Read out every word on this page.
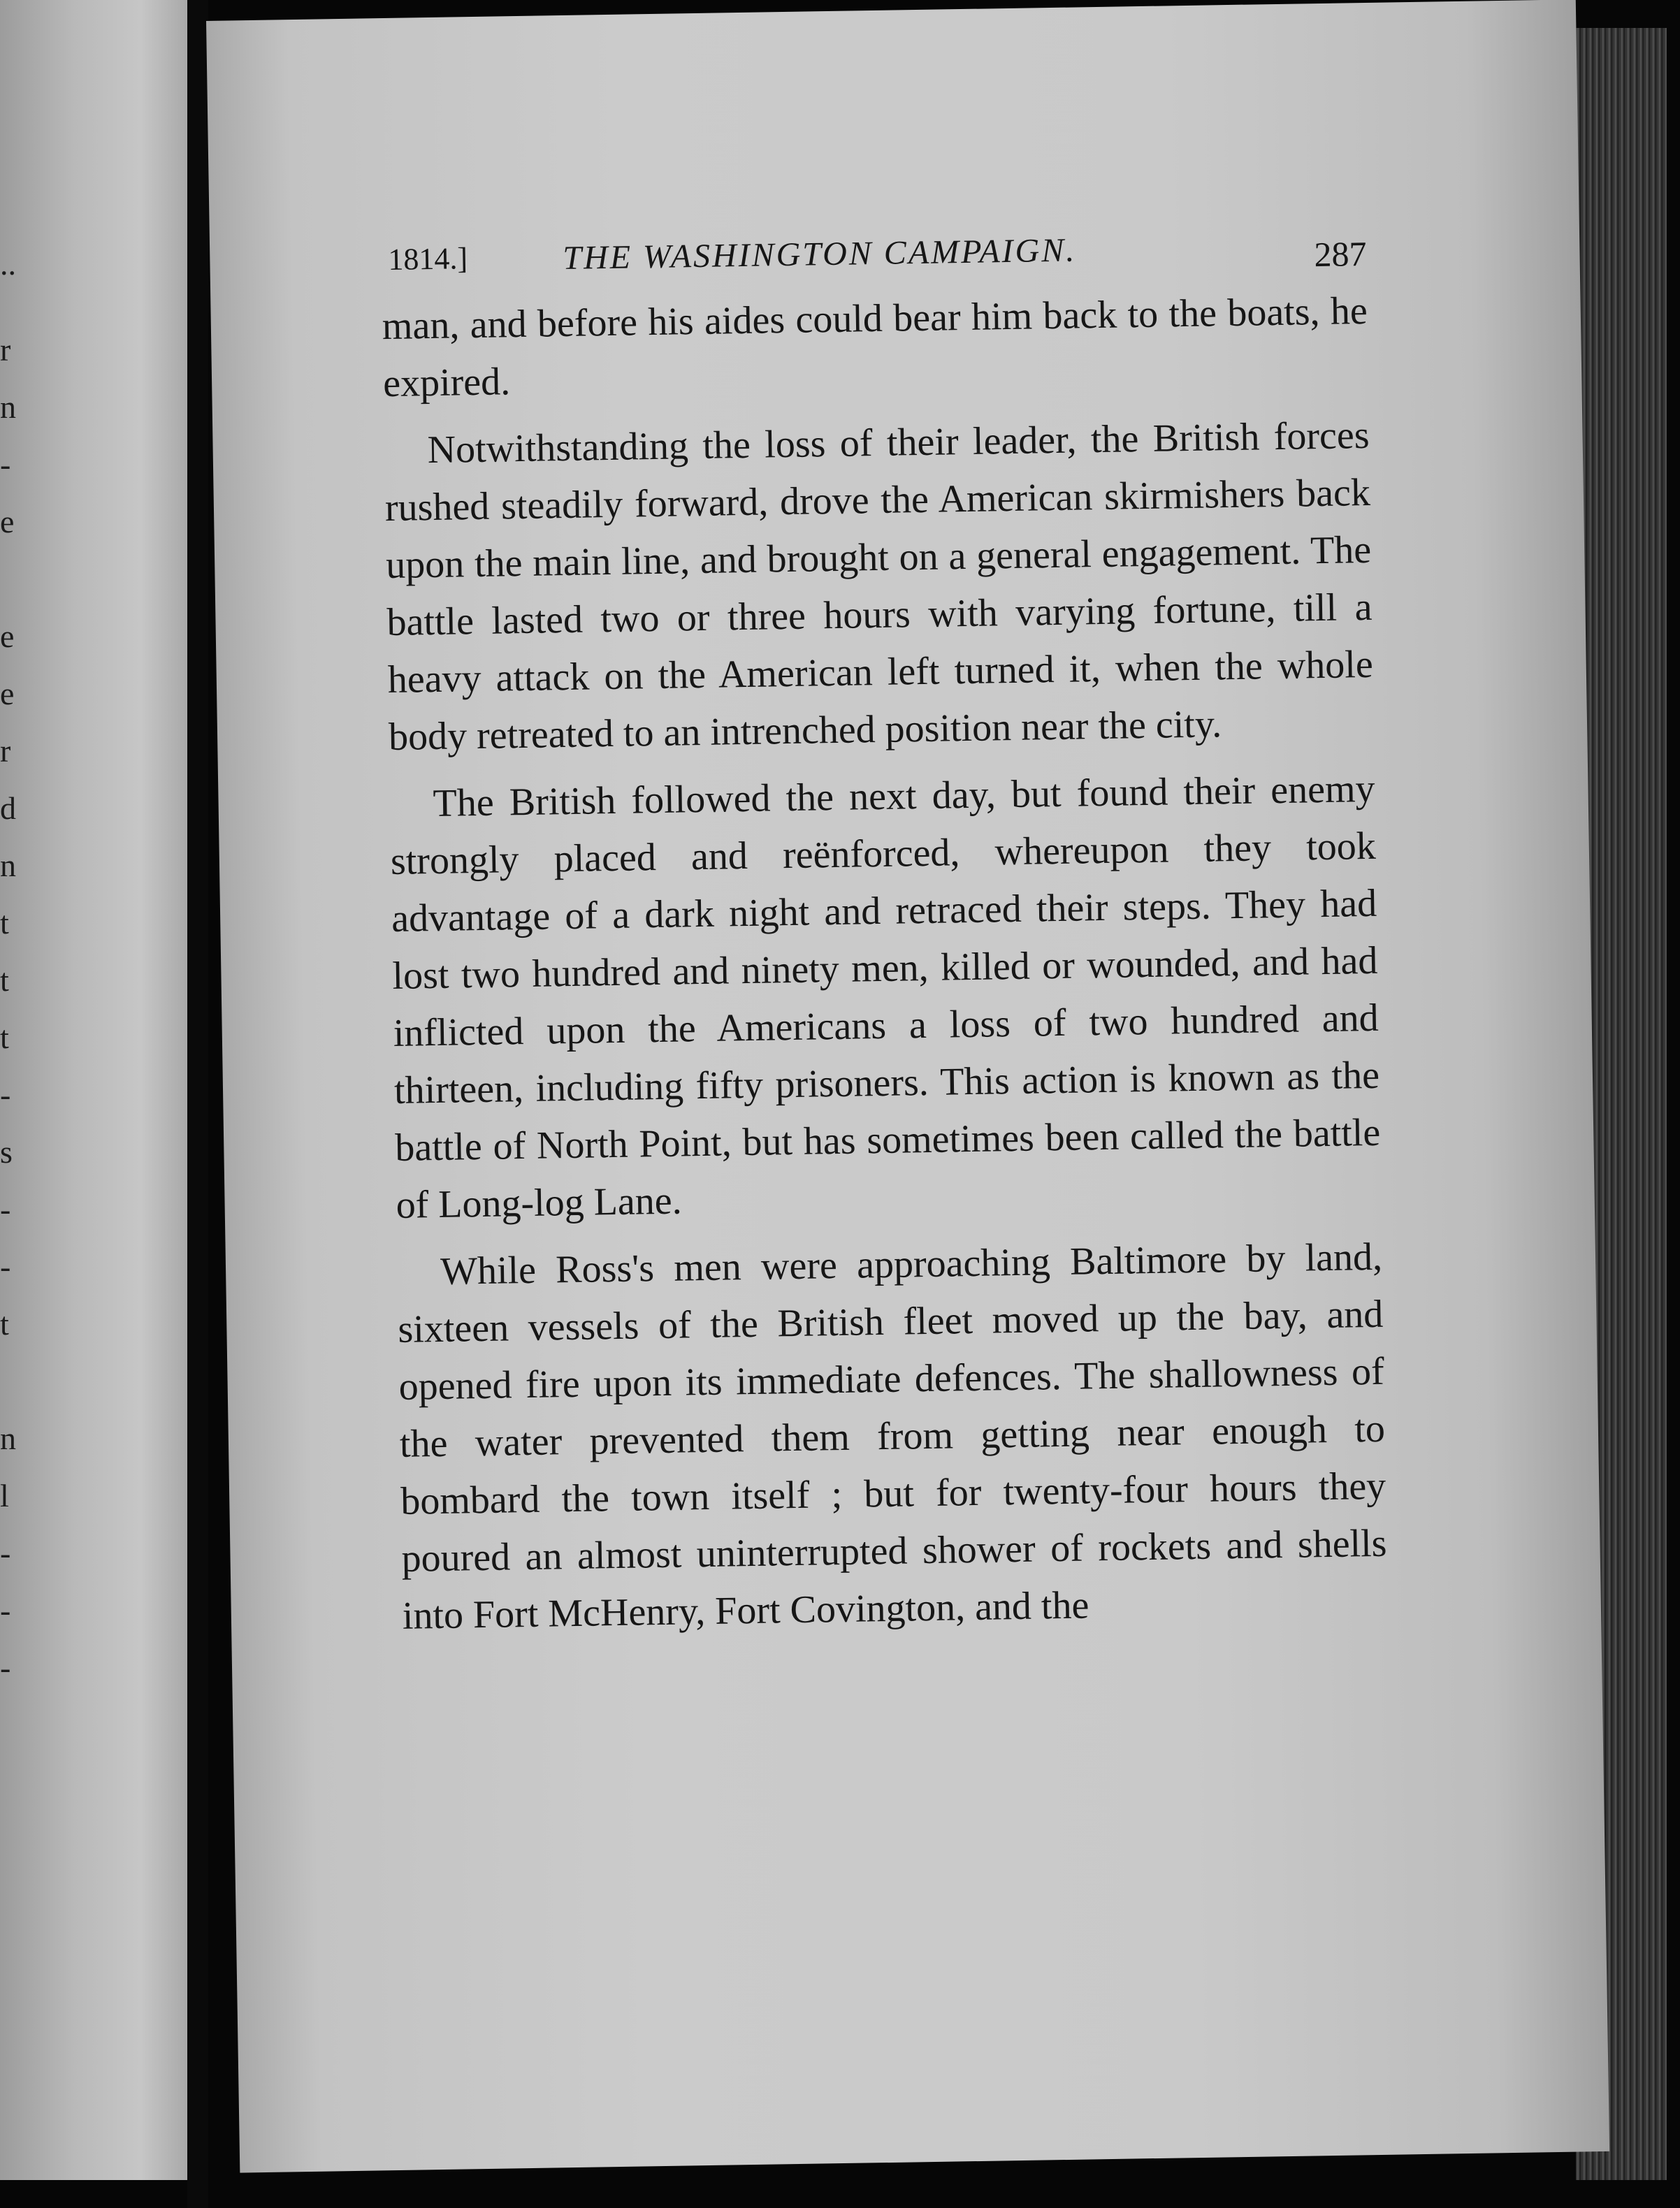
..
r
n
-
e
e
e
r
d
n
t
t
t
-
s
-
-
t
n
l
-
-
-
1814.]	THE WASHINGTON CAMPAIGN.	287

man, and before his aides could bear him back to the boats, he expired.

Notwithstanding the loss of their leader, the British forces rushed steadily forward, drove the American skirmishers back upon the main line, and brought on a general engagement. The battle lasted two or three hours with varying fortune, till a heavy attack on the American left turned it, when the whole body retreated to an intrenched position near the city.

The British followed the next day, but found their enemy strongly placed and reënforced, whereupon they took advantage of a dark night and retraced their steps. They had lost two hundred and ninety men, killed or wounded, and had inflicted upon the Americans a loss of two hundred and thirteen, including fifty prisoners. This action is known as the battle of North Point, but has sometimes been called the battle of Long-log Lane.

While Ross's men were approaching Baltimore by land, sixteen vessels of the British fleet moved up the bay, and opened fire upon its immediate defences. The shallowness of the water prevented them from getting near enough to bombard the town itself ; but for twenty-four hours they poured an almost uninterrupted shower of rockets and shells into Fort McHenry, Fort Covington, and the
